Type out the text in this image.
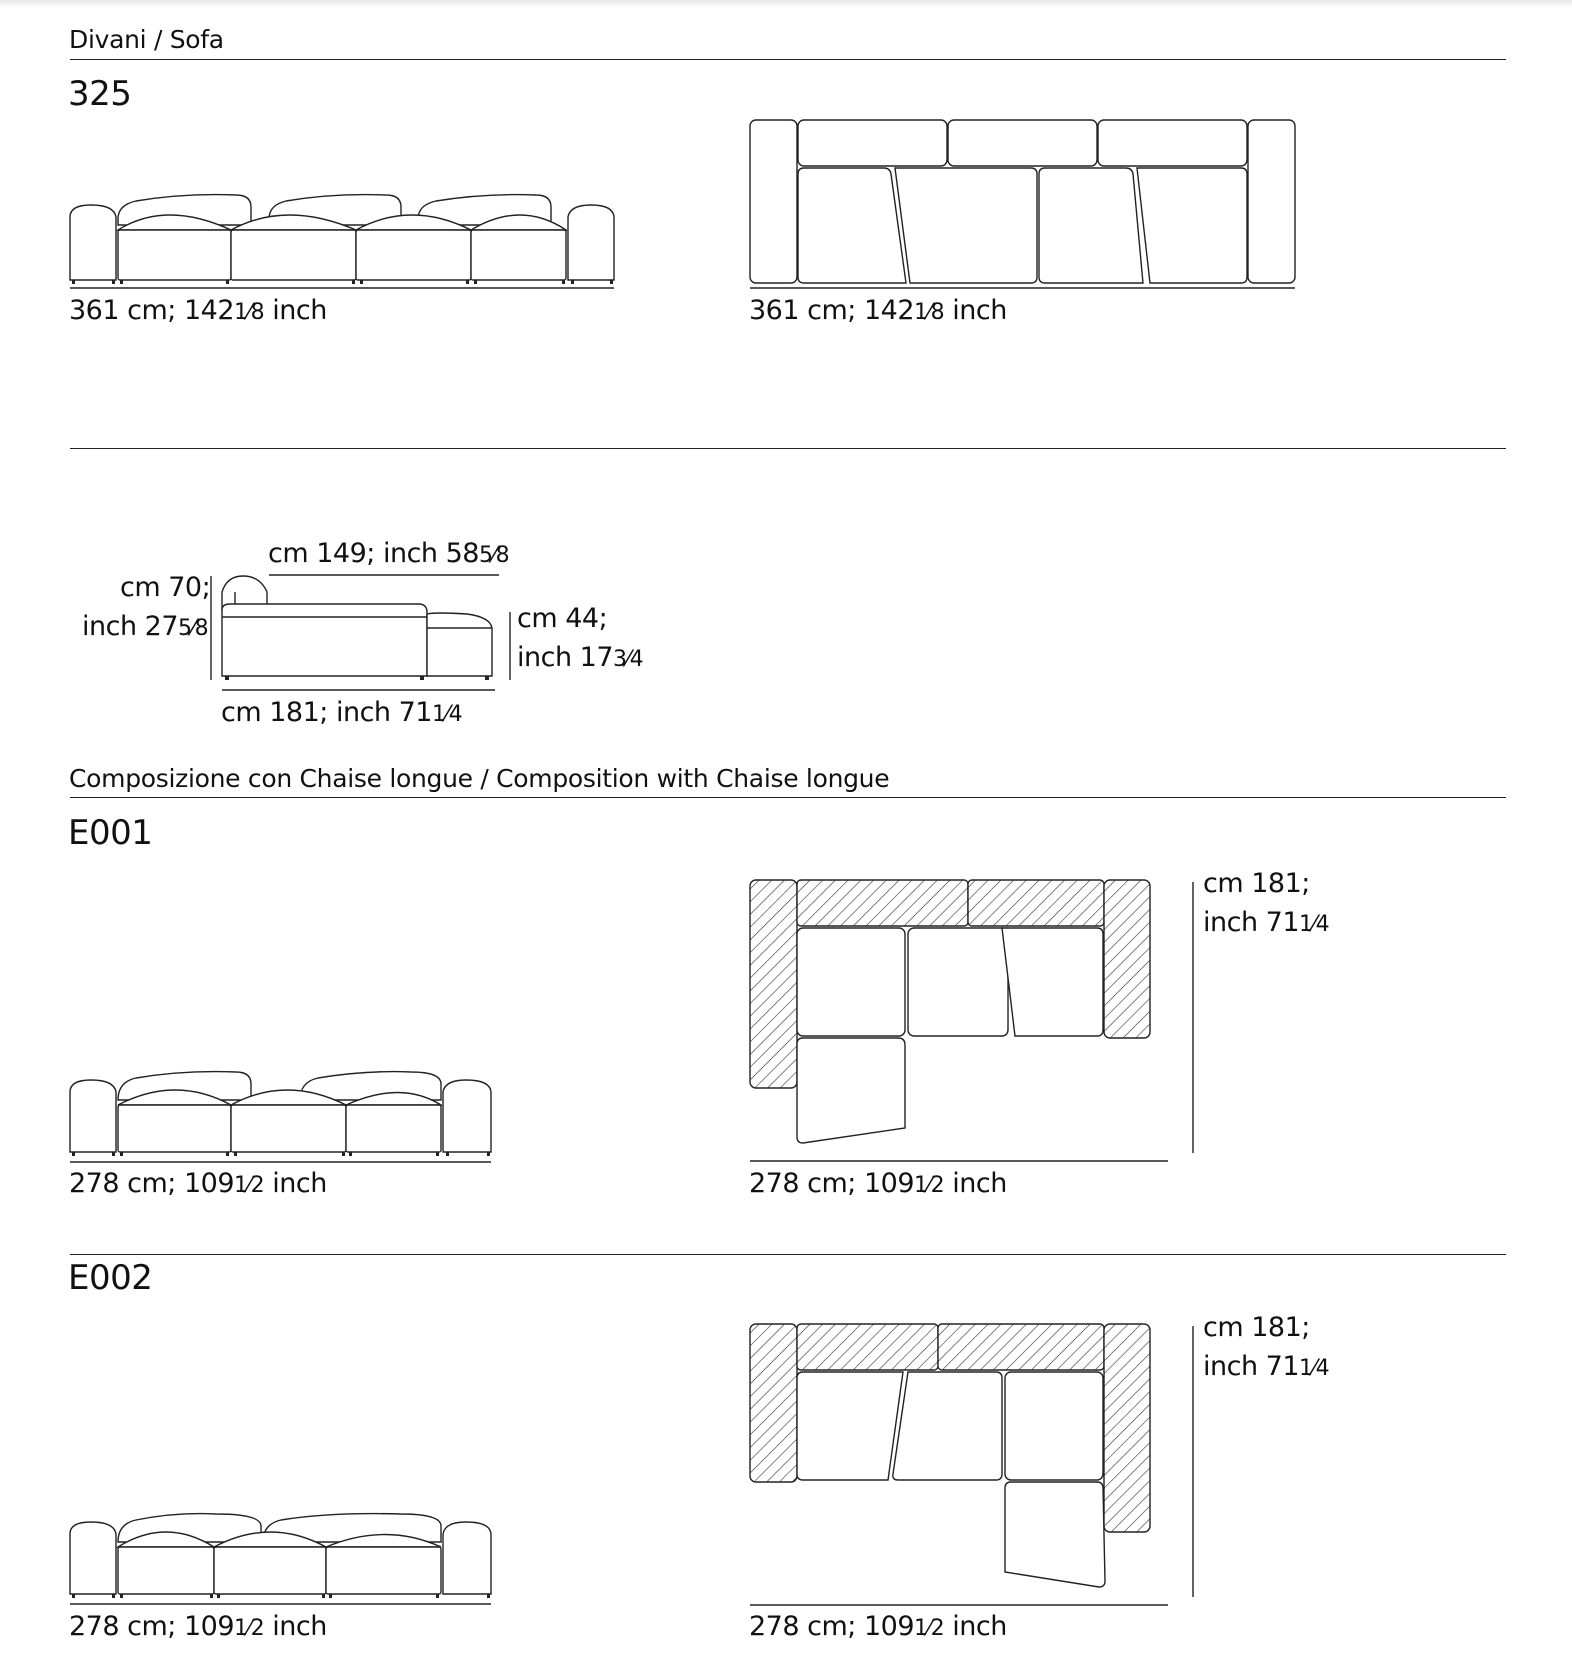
Divani / Sofa
325
361 cm; 1421⁄8 inch	361 cm; 1421⁄8 inch
cm 149; inch 585⁄8
cm 70;
inch 275⁄8	cm 44;
inch 173⁄4
cm 181; inch 711⁄4
Composizione con Chaise longue / Composition with Chaise longue
E001
278 cm; 1091⁄2 inch	278 cm; 1091⁄2 inch
cm 181;
inch 711⁄4
E002
278 cm; 1091⁄2 inch	278 cm; 1091⁄2 inch
cm 181;
inch 711⁄4
